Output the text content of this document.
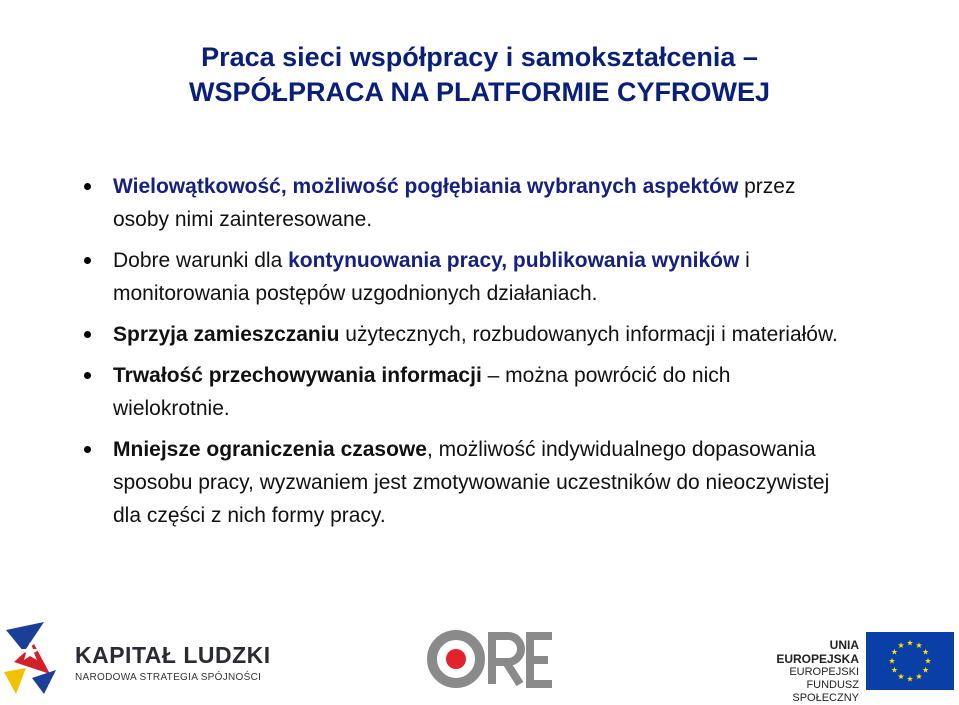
Praca sieci współpracy i samokształcenia –
WSPÓŁPRACA NA PLATFORMIE CYFROWEJ
Wielowątkowość, możliwość pogłębiania wybranych aspektów przez osoby nimi zainteresowane.
Dobre warunki dla kontynuowania pracy, publikowania wyników i monitorowania postępów uzgodnionych działaniach.
Sprzyja zamieszczaniu użytecznych, rozbudowanych informacji i materiałów.
Trwałość przechowywania informacji – można powrócić do nich wielokrotnie.
Mniejsze ograniczenia czasowe, możliwość indywidualnego dopasowania sposobu pracy, wyzwaniem jest zmotywowanie uczestników do nieoczywistej dla części z nich formy pracy.
KAPITAŁ LUDZKI
NARODOWA STRATEGIA SPÓJNOŚCI
UNIA EUROPEJSKA
EUROPEJSKI
FUNDUSZ SPOŁECZNY
